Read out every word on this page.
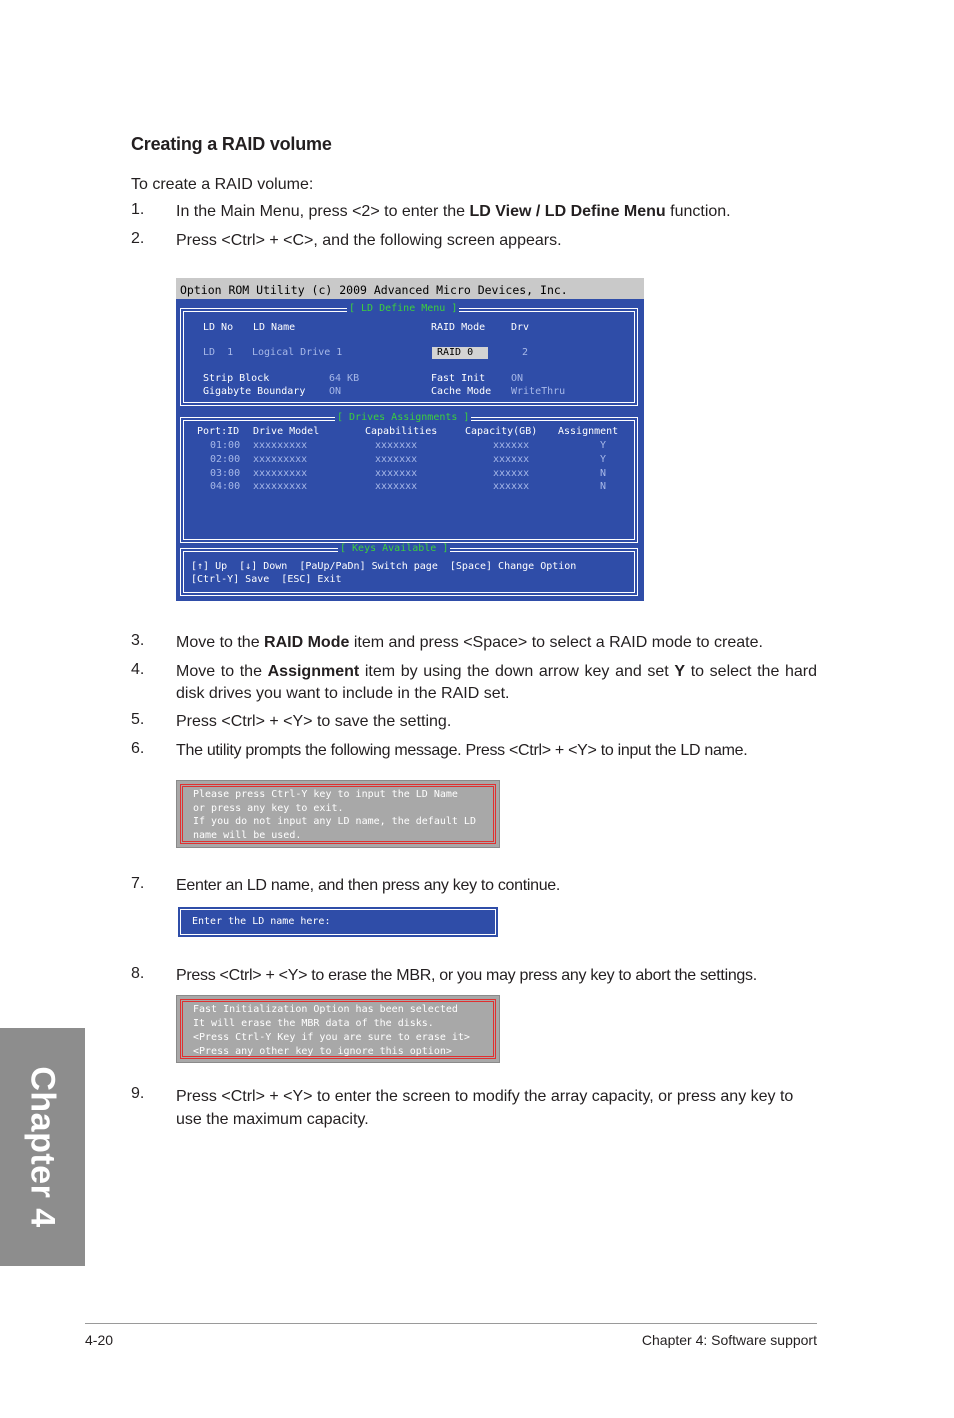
Creating a RAID volume
To create a RAID volume:
1. In the Main Menu, press <2> to enter the LD View / LD Define Menu function.
2. Press <Ctrl> + <C>, and the following screen appears.
Option ROM Utility (c) 2009 Advanced Micro Devices, Inc.
[ LD Define Menu ]
LD No LD Name	RAID Mode	Drv
LD  1 Logical Drive 1	RAID 0	2
Strip Block	64 KB	Fast Init	ON
Gigabyte Boundary ON	Cache Mode WriteThru
[ Drives Assignments ]
Port:ID Drive Model	Capabilities	Capacity(GB) Assignment
01:00 xxxxxxxxx	xxxxxxx	xxxxxx	Y
02:00 xxxxxxxxx	xxxxxxx	xxxxxx	Y
03:00 xxxxxxxxx	xxxxxxx	xxxxxx	N
04:00 xxxxxxxxx	xxxxxxx	xxxxxx	N
[ Keys Available ]
[↑] Up  [↓] Down  [PaUp/PaDn] Switch page  [Space] Change Option
[Ctrl-Y] Save  [ESC] Exit
3. Move to the RAID Mode item and press <Space> to select a RAID mode to create.
4. Move to the Assignment item by using the down arrow key and set Y to select the hard disk drives you want to include in the RAID set.
5. Press <Ctrl> + <Y> to save the setting.
6. The utility prompts the following message. Press <Ctrl> + <Y> to input the LD name.
Please press Ctrl-Y key to input the LD Name
or press any key to exit.
If you do not input any LD name, the default LD
name will be used.
7. Eenter an LD name, and then press any key to continue.
Enter the LD name here:
8. Press <Ctrl> + <Y> to erase the MBR, or you may press any key to abort the settings.
Fast Initialization Option has been selected
It will erase the MBR data of the disks.
<Press Ctrl-Y Key if you are sure to erase it>
<Press any other key to ignore this option>
9. Press <Ctrl> + <Y> to enter the screen to modify the array capacity, or press any key to use the maximum capacity.
Chapter 4
4-20	Chapter 4: Software support
